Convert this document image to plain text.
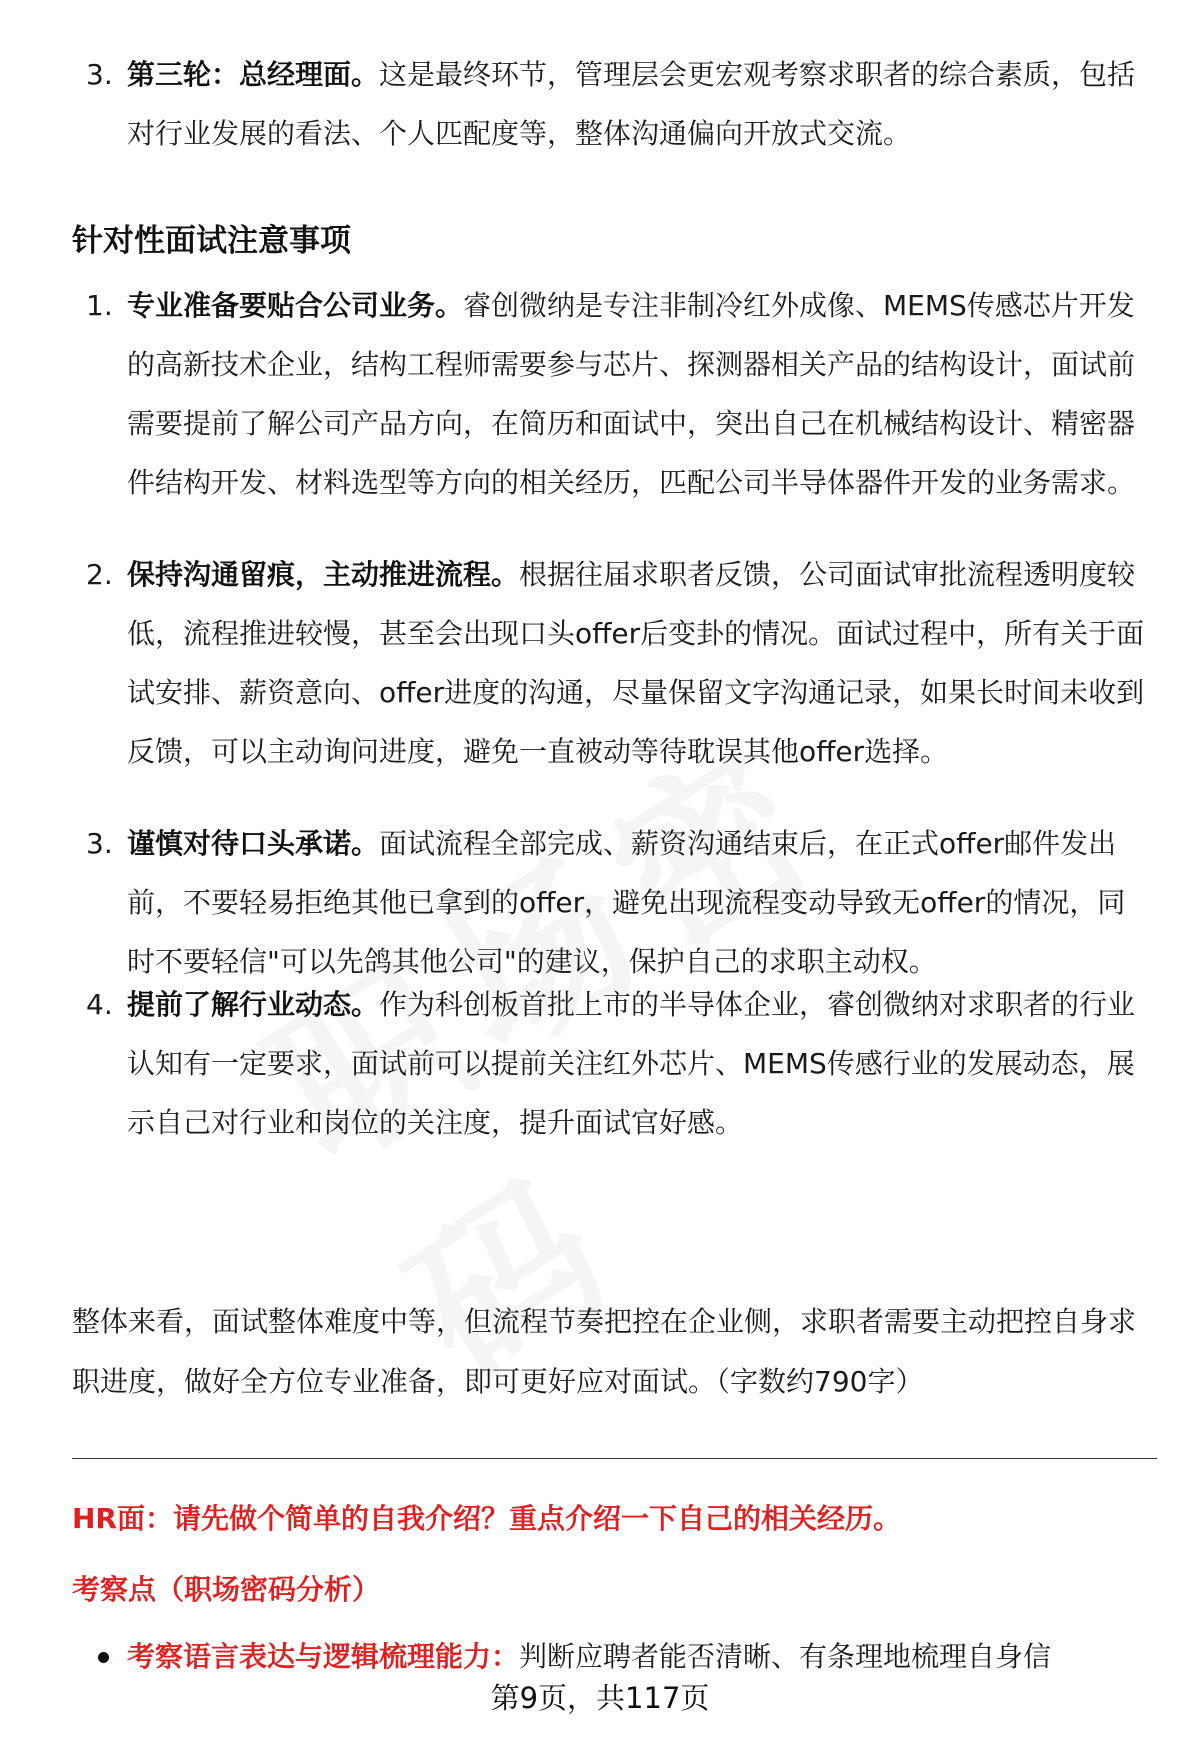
3. 第三轮：总经理面。这是最终环节，管理层会更宏观考察求职者的综合素质，包括对行业发展的看法、个人匹配度等，整体沟通偏向开放式交流。
针对性面试注意事项
1. 专业准备要贴合公司业务。睿创微纳是专注非制冷红外成像、MEMS传感芯片开发的高新技术企业，结构工程师需要参与芯片、探测器相关产品的结构设计，面试前需要提前了解公司产品方向，在简历和面试中，突出自己在机械结构设计、精密器件结构开发、材料选型等方向的相关经历，匹配公司半导体器件开发的业务需求。
2. 保持沟通留痕，主动推进流程。根据往届求职者反馈，公司面试审批流程透明度较低，流程推进较慢，甚至会出现口头offer后变卦的情况。面试过程中，所有关于面试安排、薪资意向、offer进度的沟通，尽量保留文字沟通记录，如果长时间未收到反馈，可以主动询问进度，避免一直被动等待耽误其他offer选择。
3. 谨慎对待口头承诺。面试流程全部完成、薪资沟通结束后，在正式offer邮件发出前，不要轻易拒绝其他已拿到的offer，避免出现流程变动导致无offer的情况，同时不要轻信"可以先鸽其他公司"的建议，保护自己的求职主动权。
4. 提前了解行业动态。作为科创板首批上市的半导体企业，睿创微纳对求职者的行业认知有一定要求，面试前可以提前关注红外芯片、MEMS传感行业的发展动态，展示自己对行业和岗位的关注度，提升面试官好感。
整体来看，面试整体难度中等，但流程节奏把控在企业侧，求职者需要主动把控自身求职进度，做好全方位专业准备，即可更好应对面试。（字数约790字）
HR面：请先做个简单的自我介绍？重点介绍一下自己的相关经历。
考察点（职场密码分析）
考察语言表达与逻辑梳理能力：判断应聘者能否清晰、有条理地梳理自身信
第9页，共117页
